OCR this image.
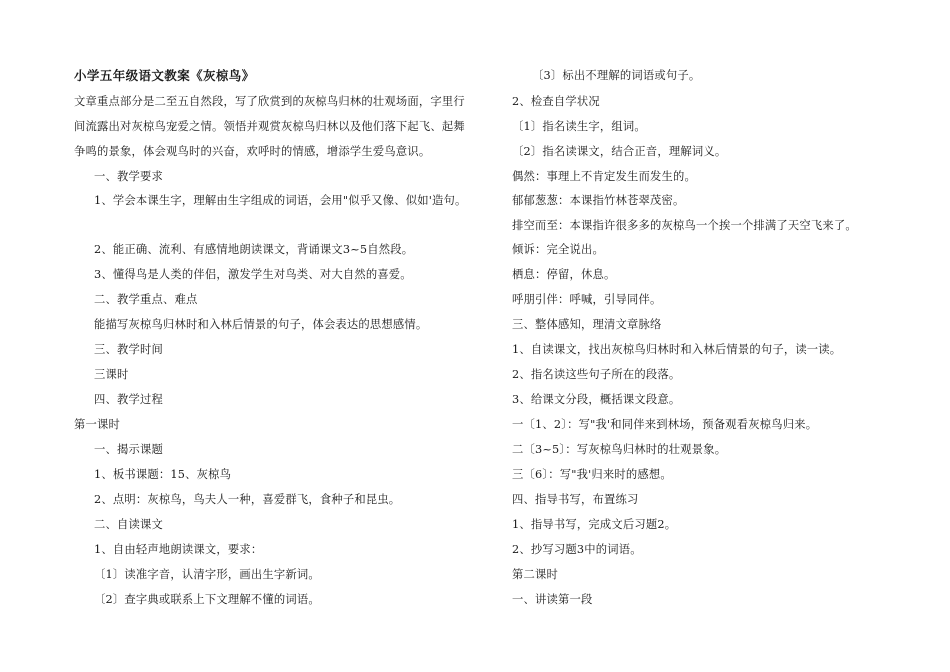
小学五年级语文教案《灰椋鸟》
文章重点部分是二至五自然段，写了欣赏到的灰椋鸟归林的壮观场面，字里行
间流露出对灰椋鸟宠爱之情。领悟并观赏灰椋鸟归林以及他们落下起飞、起舞
争鸣的景象，体会观鸟时的兴奋，欢呼时的情感，增添学生爱鸟意识。
一、教学要求
1、学会本课生字，理解由生字组成的词语，会用"似乎又像、似如'造句。
2、能正确、流利、有感情地朗读课文，背诵课文3~5自然段。
3、懂得鸟是人类的伴侣，激发学生对鸟类、对大自然的喜爱。
二、教学重点、难点
能描写灰椋鸟归林时和入林后情景的句子，体会表达的思想感情。
三、教学时间
三课时
四、教学过程
第一课时
一、揭示课题
1、板书课题：15、灰椋鸟
2、点明：灰椋鸟，鸟夫人一种，喜爱群飞，食种子和昆虫。
二、自读课文
1、自由轻声地朗读课文，要求：
〔1〕读准字音，认清字形，画出生字新词。
〔2〕查字典或联系上下文理解不懂的词语。
〔3〕标出不理解的词语或句子。
2、检查自学状况
〔1〕指名读生字，组词。
〔2〕指名读课文，结合正音，理解词义。
偶然：事理上不肯定发生而发生的。
郁郁葱葱：本课指竹林苍翠茂密。
排空而至：本课指许很多多的灰椋鸟一个挨一个排满了天空飞来了。
倾诉：完全说出。
栖息：停留，休息。
呼朋引伴：呼喊，引导同伴。
三、整体感知，理清文章脉络
1、自读课文，找出灰椋鸟归林时和入林后情景的句子，读一读。
2、指名读这些句子所在的段落。
3、给课文分段，概括课文段意。
一〔1、2〕：写"我'和同伴来到林场，预备观看灰椋鸟归来。
二〔3~5〕：写灰椋鸟归林时的壮观景象。
三〔6〕：写"我'归来时的感想。
四、指导书写，布置练习
1、指导书写，完成文后习题2。
2、抄写习题3中的词语。
第二课时
一、讲读第一段
